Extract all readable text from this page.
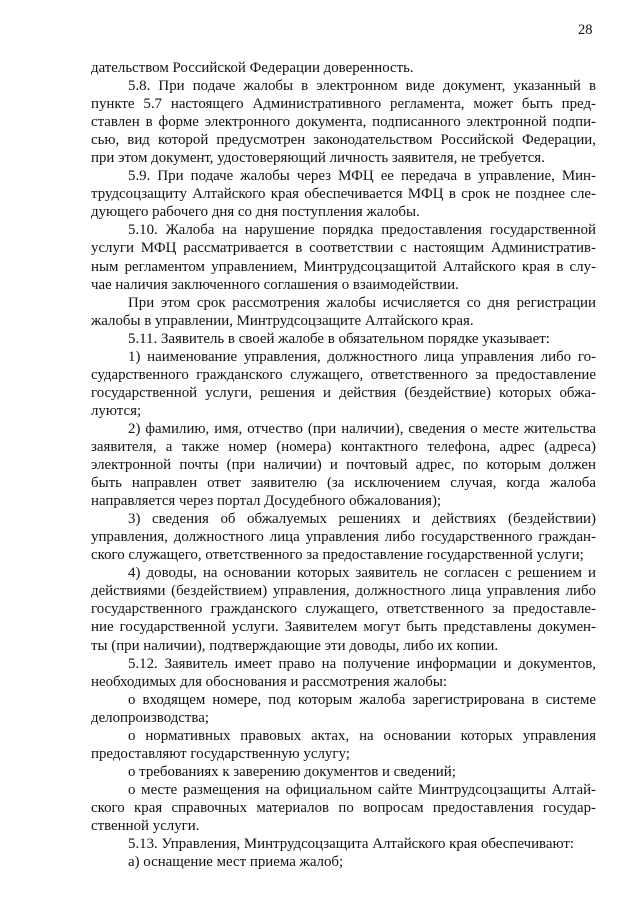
28
дательством Российской Федерации доверенность.
5.8. При подаче жалобы в электронном виде документ, указанный в
пункте 5.7 настоящего Административного регламента, может быть пред-
ставлен в форме электронного документа, подписанного электронной подпи-
сью, вид которой предусмотрен законодательством Российской Федерации,
при этом документ, удостоверяющий личность заявителя, не требуется.
5.9. При подаче жалобы через МФЦ ее передача в управление, Мин-
трудсоцзащиту Алтайского края обеспечивается МФЦ в срок не позднее сле-
дующего рабочего дня со дня поступления жалобы.
5.10. Жалоба на нарушение порядка предоставления государственной
услуги МФЦ рассматривается в соответствии с настоящим Административ-
ным регламентом управлением, Минтрудсоцзащитой Алтайского края в слу-
чае наличия заключенного соглашения о взаимодействии.
При этом срок рассмотрения жалобы исчисляется со дня регистрации
жалобы в управлении, Минтрудсоцзащите Алтайского края.
5.11. Заявитель в своей жалобе в обязательном порядке указывает:
1) наименование управления, должностного лица управления либо го-
сударственного гражданского служащего, ответственного за предоставление
государственной услуги, решения и действия (бездействие) которых обжа-
луются;
2) фамилию, имя, отчество (при наличии), сведения о месте жительства
заявителя, а также номер (номера) контактного телефона, адрес (адреса)
электронной почты (при наличии) и почтовый адрес, по которым должен
быть направлен ответ заявителю (за исключением случая, когда жалоба
направляется через портал Досудебного обжалования);
3) сведения об обжалуемых решениях и действиях (бездействии)
управления, должностного лица управления либо государственного граждан-
ского служащего, ответственного за предоставление государственной услуги;
4) доводы, на основании которых заявитель не согласен с решением и
действиями (бездействием) управления, должностного лица управления либо
государственного гражданского служащего, ответственного за предоставле-
ние государственной услуги. Заявителем могут быть представлены докумен-
ты (при наличии), подтверждающие эти доводы, либо их копии.
5.12. Заявитель имеет право на получение информации и документов,
необходимых для обоснования и рассмотрения жалобы:
о входящем номере, под которым жалоба зарегистрирована в системе
делопроизводства;
о нормативных правовых актах, на основании которых управления
предоставляют государственную услугу;
о требованиях к заверению документов и сведений;
о месте размещения на официальном сайте Минтрудсоцзащиты Алтай-
ского края справочных материалов по вопросам предоставления государ-
ственной услуги.
5.13. Управления, Минтрудсоцзащита Алтайского края обеспечивают:
а) оснащение мест приема жалоб;
